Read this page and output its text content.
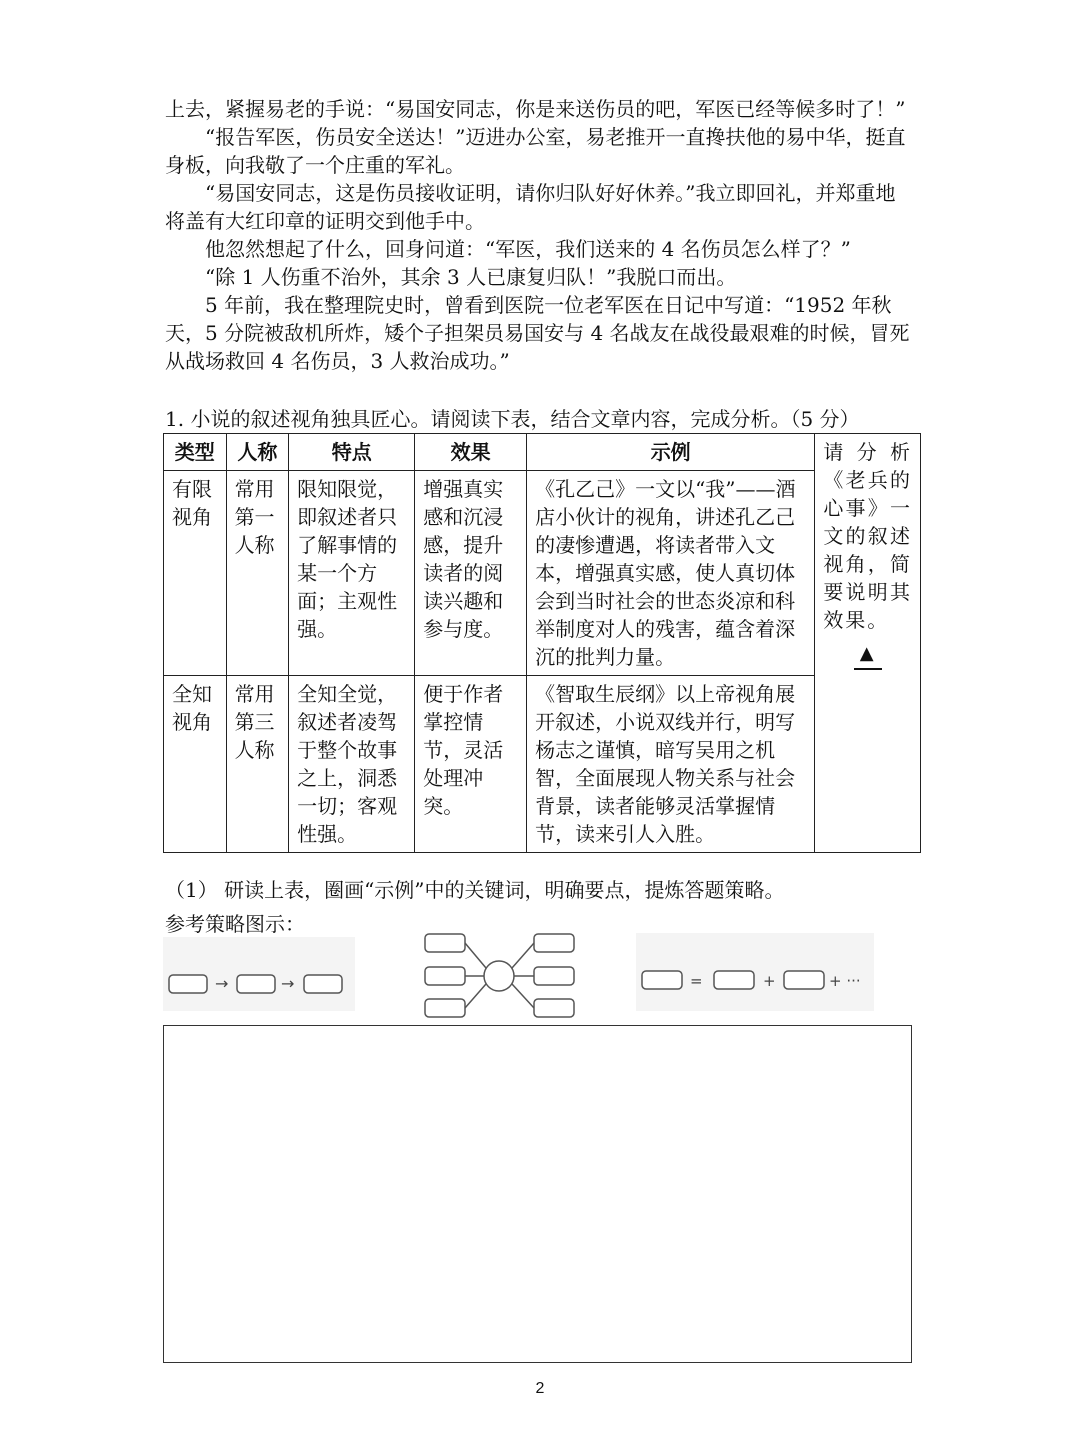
上去，紧握易老的手说：“易国安同志，你是来送伤员的吧，军医已经等候多时了！”

“报告军医，伤员安全送达！”迈进办公室，易老推开一直搀扶他的易中华，挺直身板，向我敬了一个庄重的军礼。

“易国安同志，这是伤员接收证明，请你归队好好休养。”我立即回礼，并郑重地将盖有大红印章的证明交到他手中。

他忽然想起了什么，回身问道：“军医，我们送来的 4 名伤员怎么样了？”

“除 1 人伤重不治外，其余 3 人已康复归队！”我脱口而出。

5 年前，我在整理院史时，曾看到医院一位老军医在日记中写道：“1952 年秋天，5 分院被敌机所炸，矮个子担架员易国安与 4 名战友在战役最艰难的时候，冒死从战场救回 4 名伤员，3 人救治成功。”

1. 小说的叙述视角独具匠心。请阅读下表，结合文章内容，完成分析。（5 分）
类型	人称	特点	效果	示例	请分析《老兵的心事》一文的叙述视角，简要说明其效果。
▲

有限视角	常用第一人称	限知限觉，即叙述者只了解事情的某一个方面；主观性强。	增强真实感和沉浸感，提升读者的阅读兴趣和参与度。	《孔乙己》一文以“我”——酒店小伙计的视角，讲述孔乙己的凄惨遭遇，将读者带入文本，增强真实感，使人真切体会到当时社会的世态炎凉和科举制度对人的残害，蕴含着深沉的批判力量。	
全知视角	常用第三人称	全知全觉，叙述者凌驾于整个故事之上，洞悉一切；客观性强。	便于作者掌控情节，灵活处理冲突。	《智取生辰纲》以上帝视角展开叙述，小说双线并行，明写杨志之谨慎，暗写吴用之机智，全面展现人物关系与社会背景，读者能够灵活掌握情节，读来引人入胜。	
（1） 研读上表，圈画“示例”中的关键词，明确要点，提炼答题策略。
参考策略图示：
→	→	=	+	+ ···
2
